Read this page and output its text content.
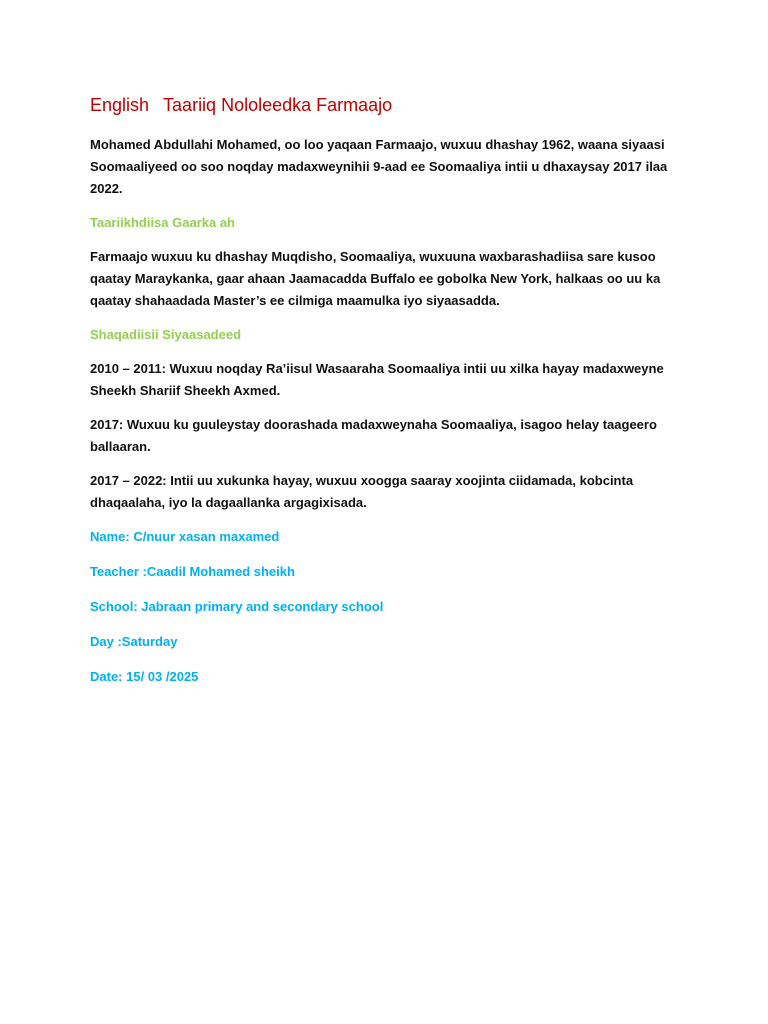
English Taariiq Nololeedka Farmaajo

Mohamed Abdullahi Mohamed, oo loo yaqaan Farmaajo, wuxuu dhashay 1962, waana siyaasi Soomaaliyeed oo soo noqday madaxweynihii 9-aad ee Soomaaliya intii u dhaxaysay 2017 ilaa 2022.

Taariikhdiisa Gaarka ah

Farmaajo wuxuu ku dhashay Muqdisho, Soomaaliya, wuxuuna waxbarashadiisa sare kusoo qaatay Maraykanka, gaar ahaan Jaamacadda Buffalo ee gobolka New York, halkaas oo uu ka qaatay shahaadada Master’s ee cilmiga maamulka iyo siyaasadda.

Shaqadiisii Siyaasadeed

2010 – 2011: Wuxuu noqday Ra’iisul Wasaaraha Soomaaliya intii uu xilka hayay madaxweyne Sheekh Shariif Sheekh Axmed.

2017: Wuxuu ku guuleystay doorashada madaxweynaha Soomaaliya, isagoo helay taageero ballaaran.

2017 – 2022: Intii uu xukunka hayay, wuxuu xoogga saaray xoojinta ciidamada, kobcinta dhaqaalaha, iyo la dagaallanka argagixisada.

Name: C/nuur xasan maxamed

Teacher :Caadil Mohamed sheikh

School: Jabraan primary and secondary school

Day :Saturday

Date: 15/ 03 /2025
